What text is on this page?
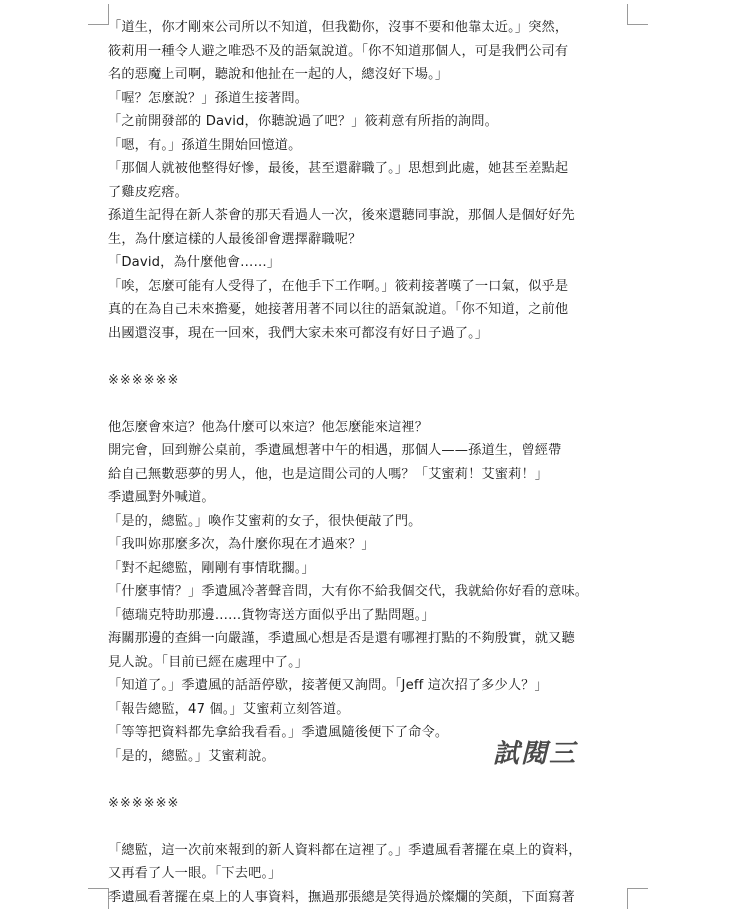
「道生，你才剛來公司所以不知道，但我勸你，沒事不要和他靠太近。」突然，
筱莉用一種令人避之唯恐不及的語氣說道。「你不知道那個人，可是我們公司有
名的惡魔上司啊，聽說和他扯在一起的人，總沒好下場。」
「喔？怎麼說？」孫道生接著問。
「之前開發部的 David，你聽說過了吧？」筱莉意有所指的詢問。
「嗯，有。」孫道生開始回憶道。
「那個人就被他整得好慘，最後，甚至還辭職了。」思想到此處，她甚至差點起
了雞皮疙瘩。
孫道生記得在新人茶會的那天看過人一次，後來還聽同事說，那個人是個好好先
生，為什麼這樣的人最後卻會選擇辭職呢？
「David，為什麼他會……」
「唉，怎麼可能有人受得了，在他手下工作啊。」筱莉接著嘆了一口氣，似乎是
真的在為自己未來擔憂，她接著用著不同以往的語氣說道。「你不知道，之前他
出國還沒事，現在一回來，我們大家未來可都沒有好日子過了。」
※※※※※※
他怎麼會來這？他為什麼可以來這？他怎麼能來這裡？
開完會，回到辦公桌前，季遺風想著中午的相遇，那個人——孫道生，曾經帶
給自己無數惡夢的男人，他，也是這間公司的人嗎？「艾蜜莉！艾蜜莉！」
季遺風對外喊道。
「是的，總監。」喚作艾蜜莉的女子，很快便敲了門。
「我叫妳那麼多次，為什麼你現在才過來？」
「對不起總監，剛剛有事情耽擱。」
「什麼事情？」季遺風冷著聲音問，大有你不給我個交代，我就給你好看的意味。
「德瑞克特助那邊……貨物寄送方面似乎出了點問題。」
海關那邊的查緝一向嚴謹，季遺風心想是否是還有哪裡打點的不夠殷實，就又聽
見人說。「目前已經在處理中了。」
「知道了。」季遺風的話語停歇，接著便又詢問。「Jeff 這次招了多少人？」
「報告總監，47 個。」艾蜜莉立刻答道。
「等等把資料都先拿給我看看。」季遺風隨後便下了命令。
「是的，總監。」艾蜜莉說。
※※※※※※
「總監，這一次前來報到的新人資料都在這裡了。」季遺風看著擺在桌上的資料，
又再看了人一眼。「下去吧。」
季遺風看著擺在桌上的人事資料，撫過那張總是笑得過於燦爛的笑顏，下面寫著
試閱三
